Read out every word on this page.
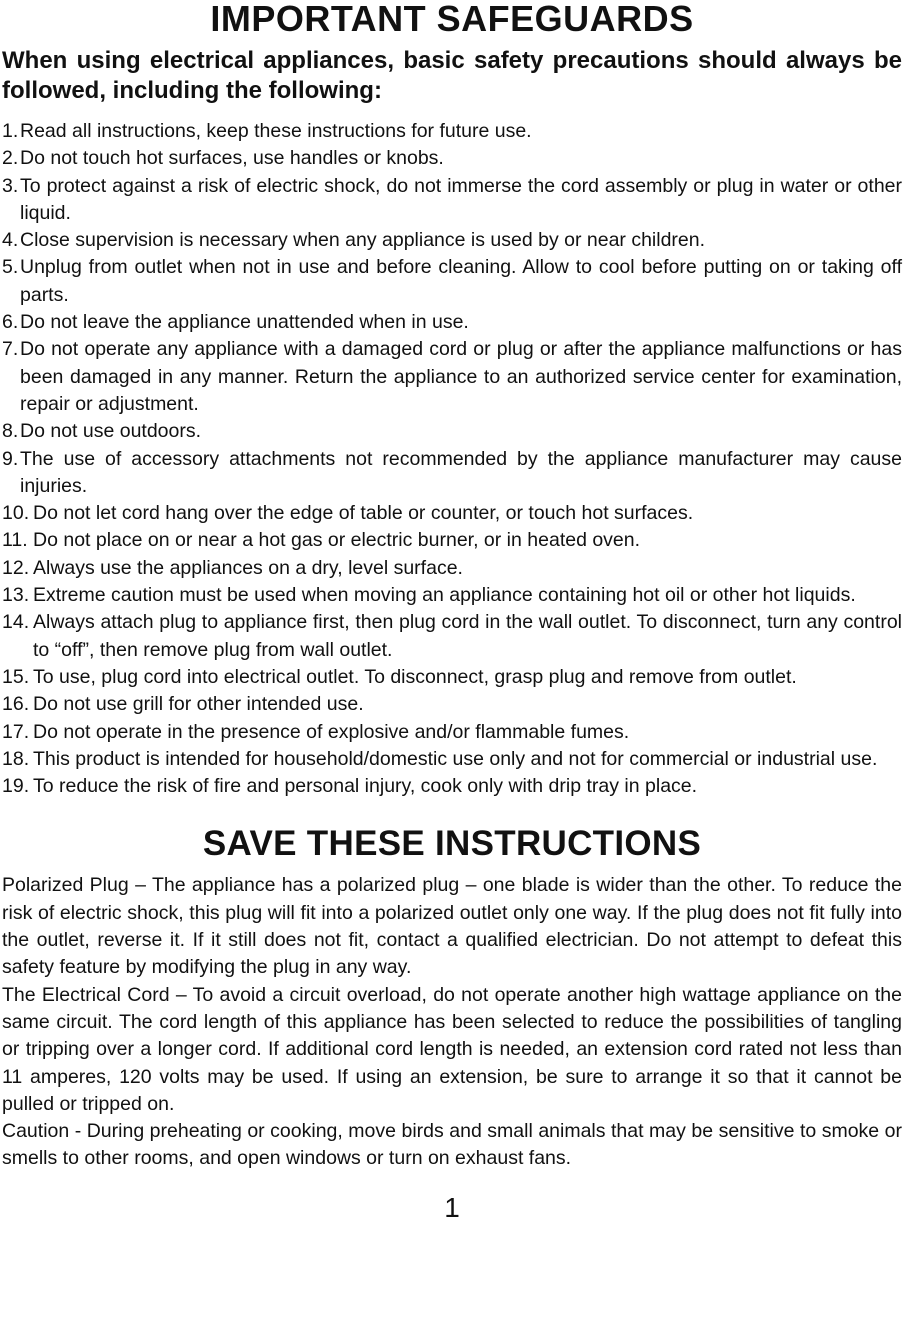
IMPORTANT SAFEGUARDS

When using electrical appliances, basic safety precautions should always be followed, including the following:

1. Read all instructions, keep these instructions for future use.
2. Do not touch hot surfaces, use handles or knobs.
3. To protect against a risk of electric shock, do not immerse the cord assembly or plug in water or other liquid.
4. Close supervision is necessary when any appliance is used by or near children.
5. Unplug from outlet when not in use and before cleaning. Allow to cool before putting on or taking off parts.
6. Do not leave the appliance unattended when in use.
7. Do not operate any appliance with a damaged cord or plug or after the appliance malfunctions or has been damaged in any manner. Return the appliance to an authorized service center for examination, repair or adjustment.
8. Do not use outdoors.
9. The use of accessory attachments not recommended by the appliance manufacturer may cause injuries.
10. Do not let cord hang over the edge of table or counter, or touch hot surfaces.
11. Do not place on or near a hot gas or electric burner, or in heated oven.
12. Always use the appliances on a dry, level surface.
13. Extreme caution must be used when moving an appliance containing hot oil or other hot liquids.
14. Always attach plug to appliance first, then plug cord in the wall outlet. To disconnect, turn any control to “off”, then remove plug from wall outlet.
15. To use, plug cord into electrical outlet. To disconnect, grasp plug and remove from outlet.
16. Do not use grill for other intended use.
17. Do not operate in the presence of explosive and/or flammable fumes.
18. This product is intended for household/domestic use only and not for commercial or industrial use.
19. To reduce the risk of fire and personal injury, cook only with drip tray in place.
SAVE THESE INSTRUCTIONS

Polarized Plug – The appliance has a polarized plug – one blade is wider than the other. To reduce the risk of electric shock, this plug will fit into a polarized outlet only one way. If the plug does not fit fully into the outlet, reverse it. If it still does not fit, contact a qualified electrician. Do not attempt to defeat this safety feature by modifying the plug in any way.

The Electrical Cord – To avoid a circuit overload, do not operate another high wattage appliance on the same circuit. The cord length of this appliance has been selected to reduce the possibilities of tangling or tripping over a longer cord. If additional cord length is needed, an extension cord rated not less than 11 amperes, 120 volts may be used. If using an extension, be sure to arrange it so that it cannot be pulled or tripped on.

Caution - During preheating or cooking, move birds and small animals that may be sensitive to smoke or smells to other rooms, and open windows or turn on exhaust fans.

1
